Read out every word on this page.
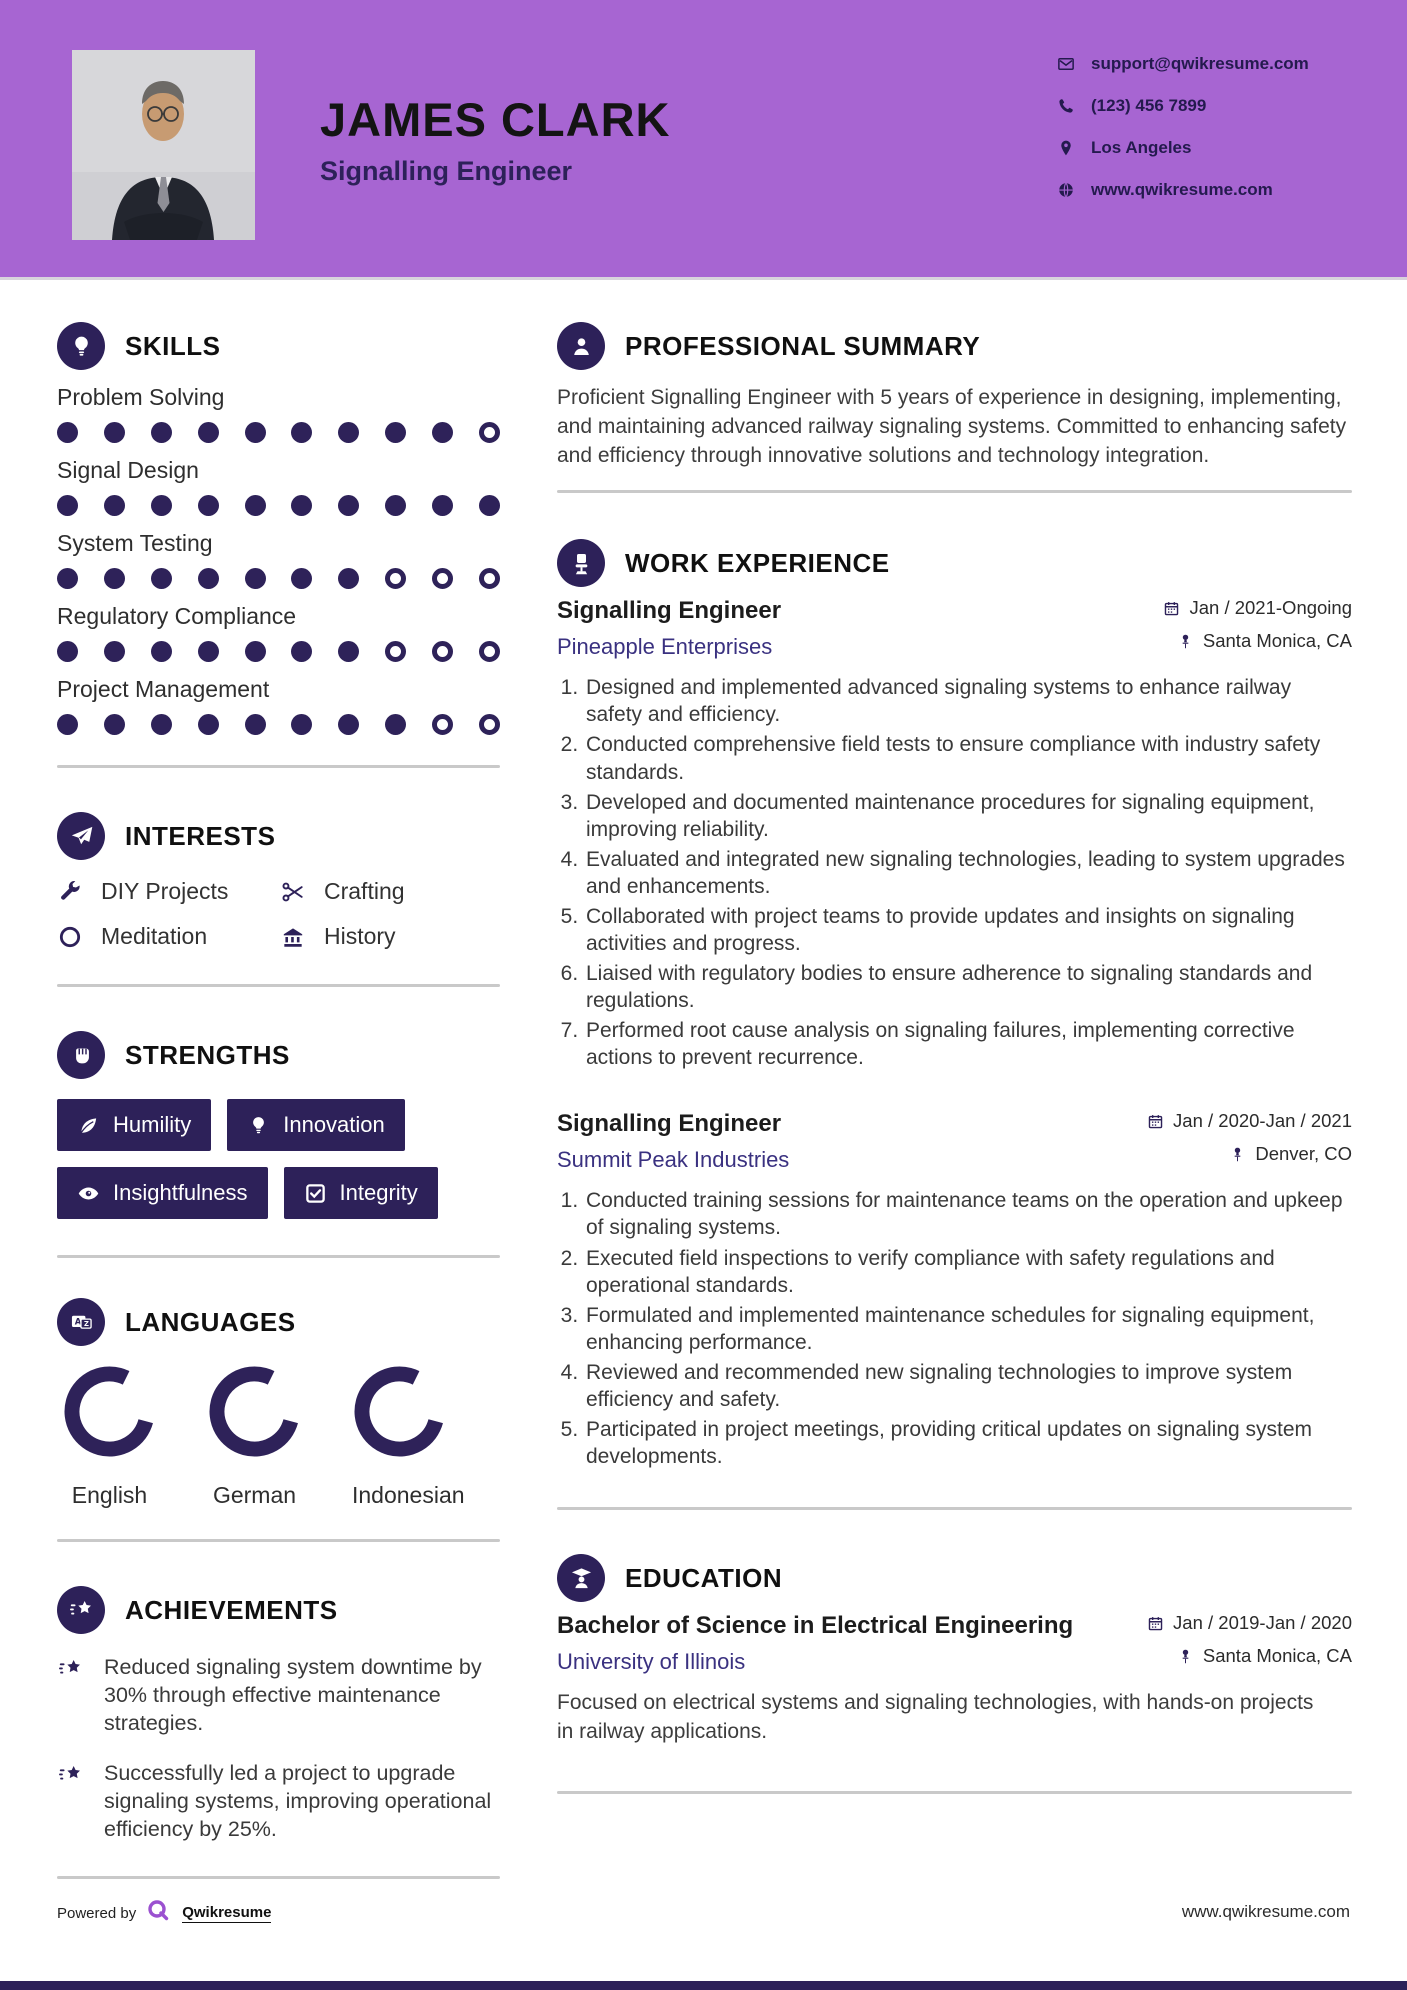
JAMES CLARK
Signalling Engineer
support@qwikresume.com
(123) 456 7899
Los Angeles
www.qwikresume.com
SKILLS
Problem Solving
Signal Design
System Testing
Regulatory Compliance
Project Management
INTERESTS
DIY Projects	Crafting
Meditation	History
STRENGTHS
Humility	Innovation
Insightfulness	Integrity
A Z LANGUAGES
English	German Indonesian
ACHIEVEMENTS
Reduced signaling system downtime by 30% through effective maintenance strategies.
Successfully led a project to upgrade signaling systems, improving operational efficiency by 25%.
PROFESSIONAL SUMMARY
Proficient Signalling Engineer with 5 years of experience in designing, implementing, and maintaining advanced railway signaling systems. Committed to enhancing safety and efficiency through innovative solutions and technology integration.
WORK EXPERIENCE
Signalling Engineer
Pineapple Enterprises
Jan / 2021-Ongoing
Santa Monica, CA
1. Designed and implemented advanced signaling systems to enhance railway safety and efficiency.
2. Conducted comprehensive field tests to ensure compliance with industry safety standards.
3. Developed and documented maintenance procedures for signaling equipment, improving reliability.
4. Evaluated and integrated new signaling technologies, leading to system upgrades and enhancements.
5. Collaborated with project teams to provide updates and insights on signaling activities and progress.
6. Liaised with regulatory bodies to ensure adherence to signaling standards and regulations.
7. Performed root cause analysis on signaling failures, implementing corrective actions to prevent recurrence.
Signalling Engineer
Summit Peak Industries
Jan / 2020-Jan / 2021
Denver, CO
1. Conducted training sessions for maintenance teams on the operation and upkeep of signaling systems.
2. Executed field inspections to verify compliance with safety regulations and operational standards.
3. Formulated and implemented maintenance schedules for signaling equipment, enhancing performance.
4. Reviewed and recommended new signaling technologies to improve system efficiency and safety.
5. Participated in project meetings, providing critical updates on signaling system developments.
EDUCATION
Bachelor of Science in Electrical Engineering
University of Illinois
Jan / 2019-Jan / 2020
Santa Monica, CA
Focused on electrical systems and signaling technologies, with hands-on projects in railway applications.
Powered by	Qwikresume	www.qwikresume.com
